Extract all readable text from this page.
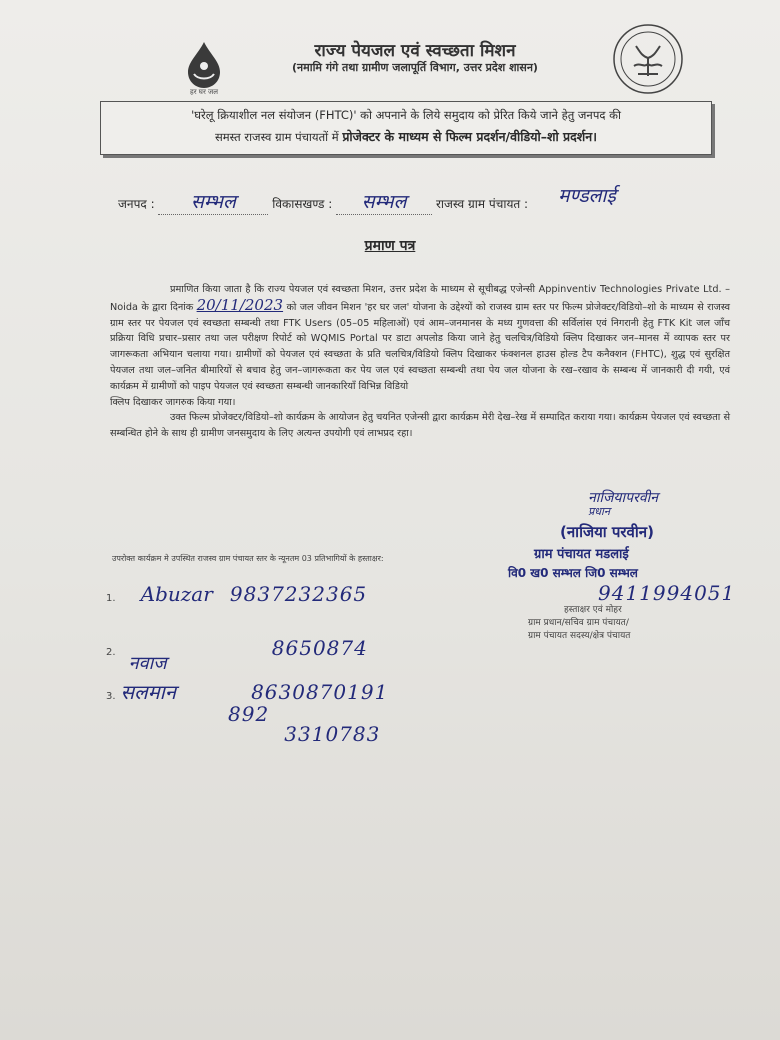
हर घर जल
राज्य पेयजल एवं स्वच्छता मिशन
(नमामि गंगे तथा ग्रामीण जलापूर्ति विभाग, उत्तर प्रदेश शासन)
'घरेलू क्रियाशील नल संयोजन (FHTC)' को अपनाने के लिये समुदाय को प्रेरित किये जाने हेतु जनपद की
समस्त राजस्व ग्राम पंचायतों में प्रोजेक्टर के माध्यम से फिल्म प्रदर्शन/वीडियो–शो प्रदर्शन।
जनपद : सम्भल	विकासखण्ड : सम्भल राजस्व ग्राम पंचायत : मण्डलाई
प्रमाण पत्र

प्रमाणित किया जाता है कि राज्य पेयजल एवं स्वच्छता मिशन, उत्तर प्रदेश के माध्यम से सूचीबद्ध एजेन्सी Appinventiv Technologies Private Ltd. – Noida के द्वारा दिनांक 20/11/2023 को जल जीवन मिशन 'हर घर जल' योजना के उद्देश्यों को राजस्व ग्राम स्तर पर फिल्म प्रोजेक्टर/विडियो–शो के माध्यम से राजस्व ग्राम स्तर पर पेयजल एवं स्वच्छता सम्बन्धी तथा FTK Users (05–05 महिलाओं) एवं आम–जनमानस के मध्य गुणवत्ता की सर्विलांस एवं निगरानी हेतु FTK Kit जल जाँच प्रक्रिया विधि प्रचार–प्रसार तथा जल परीक्षण रिपोर्ट को WQMIS Portal पर डाटा अपलोड किया जाने हेतु चलचित्र/विडियो क्लिप दिखाकर जन–मानस में व्यापक स्तर पर जागरूकता अभियान चलाया गया। ग्रामीणों को पेयजल एवं स्वच्छता के प्रति चलचित्र/विडियो क्लिप दिखाकर फंक्शनल हाउस होल्ड टैप कनैक्शन (FHTC), शुद्ध एवं सुरक्षित पेयजल तथा जल–जनित बीमारियों से बचाव हेतु जन–जागरूकता कर पेय जल एवं स्वच्छता सम्बन्धी तथा पेय जल योजना के रख–रखाव के सम्बन्ध में जानकारी दी गयी, एवं कार्यक्रम में ग्रामीणों को पाइप पेयजल एवं स्वच्छता सम्बन्धी जानकारियाँ विभिन्न विडियो

क्लिप दिखाकर जागरुक किया गया।

उक्त फिल्म प्रोजेक्टर/विडियो–शो कार्यक्रम के आयोजन हेतु चयनित एजेन्सी द्वारा कार्यक्रम मेरी देख–रेख में सम्पादित कराया गया। कार्यक्रम पेयजल एवं स्वच्छता से सम्बन्धित होने के साथ ही ग्रामीण जनसमुदाय के लिए अत्यन्त उपयोगी एवं लाभप्रद रहा।

प्रधान
नाजियापरवीन
(नाजिया परवीन)
ग्राम पंचायत मडलाई
वि0 ख0 सम्भल जि0 सम्भल
9411994051
उपरोक्त कार्यक्रम मे उपस्थित राजस्व ग्राम पंचायत स्तर के न्यूनतम 03 प्रतिभागियों के हस्ताक्षर:
1. Abuzar 9837232365
2. नवाज 8650874
3. सलमान	8630870191
892 3310783
हस्ताक्षर एवं मोहर
ग्राम प्रधान/सचिव ग्राम पंचायत/
ग्राम पंचायत सदस्य/क्षेत्र पंचायत
